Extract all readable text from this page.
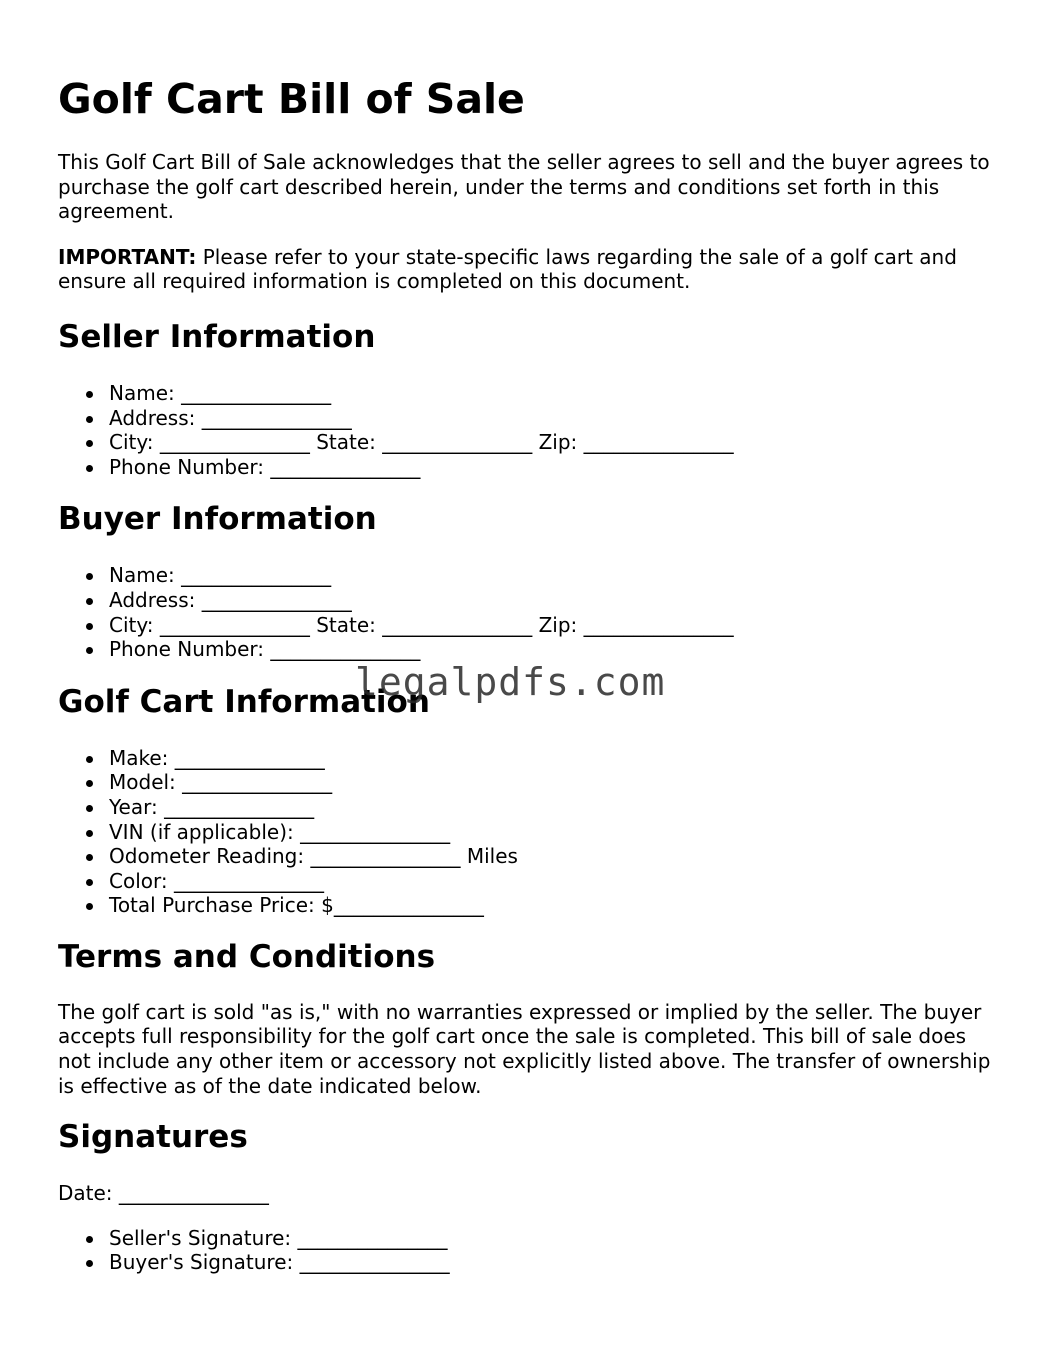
Golf Cart Bill of Sale

This Golf Cart Bill of Sale acknowledges that the seller agrees to sell and the buyer agrees to purchase the golf cart described herein, under the terms and conditions set forth in this agreement.

IMPORTANT: Please refer to your state-specific laws regarding the sale of a golf cart and ensure all required information is completed on this document.

Seller Information
Name: _______________
Address: _______________
City: _______________ State: _______________ Zip: _______________
Phone Number: _______________
Buyer Information
Name: _______________
Address: _______________
City: _______________ State: _______________ Zip: _______________
Phone Number: _______________
Golf Cart Information
Make: _______________
Model: _______________
Year: _______________
VIN (if applicable): _______________
Odometer Reading: _______________ Miles
Color: _______________
Total Purchase Price: $_______________
Terms and Conditions

The golf cart is sold "as is," with no warranties expressed or implied by the seller. The buyer accepts full responsibility for the golf cart once the sale is completed. This bill of sale does not include any other item or accessory not explicitly listed above. The transfer of ownership is effective as of the date indicated below.

Signatures

Date: _______________

Seller's Signature: _______________
Buyer's Signature: _______________
legalpdfs.com
